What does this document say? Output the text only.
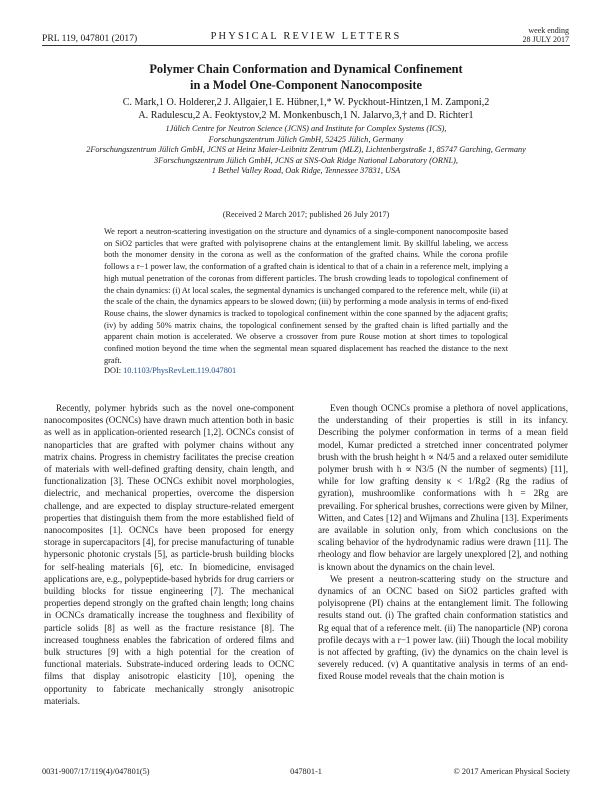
PRL 119, 047801 (2017)	PHYSICAL REVIEW LETTERS
week ending
28 JULY 2017
Polymer Chain Conformation and Dynamical Confinement
in a Model One-Component Nanocomposite
C. Mark,1 O. Holderer,2 J. Allgaier,1 E. Hübner,1,* W. Pyckhout-Hintzen,1 M. Zamponi,2
A. Radulescu,2 A. Feoktystov,2 M. Monkenbusch,1 N. Jalarvo,3,† and D. Richter1
1Jülich Centre for Neutron Science (JCNS) and Institute for Complex Systems (ICS),
Forschungszentrum Jülich GmbH, 52425 Jülich, Germany
2Forschungszentrum Jülich GmbH, JCNS at Heinz Maier-Leibnitz Zentrum (MLZ), Lichtenbergstraße 1, 85747 Garching, Germany
3Forschungszentrum Jülich GmbH, JCNS at SNS-Oak Ridge National Laboratory (ORNL),
1 Bethel Valley Road, Oak Ridge, Tennessee 37831, USA
(Received 2 March 2017; published 26 July 2017)
We report a neutron-scattering investigation on the structure and dynamics of a single-component nanocomposite based on SiO2 particles that were grafted with polyisoprene chains at the entanglement limit. By skillful labeling, we access both the monomer density in the corona as well as the conformation of the grafted chains. While the corona profile follows a r−1 power law, the conformation of a grafted chain is identical to that of a chain in a reference melt, implying a high mutual penetration of the coronas from different particles. The brush crowding leads to topological confinement of the chain dynamics: (i) At local scales, the segmental dynamics is unchanged compared to the reference melt, while (ii) at the scale of the chain, the dynamics appears to be slowed down; (iii) by performing a mode analysis in terms of end-fixed Rouse chains, the slower dynamics is tracked to topological confinement within the cone spanned by the adjacent grafts; (iv) by adding 50% matrix chains, the topological confinement sensed by the grafted chain is lifted partially and the apparent chain motion is accelerated. We observe a crossover from pure Rouse motion at short times to topological confined motion beyond the time when the segmental mean squared displacement has reached the distance to the next graft.
DOI: 10.1103/PhysRevLett.119.047801

Recently, polymer hybrids such as the novel one-component nanocomposites (OCNCs) have drawn much attention both in basic as well as in application-oriented research [1,2]. OCNCs consist of nanoparticles that are grafted with polymer chains without any matrix chains. Progress in chemistry facilitates the precise creation of materials with well-defined grafting density, chain length, and functionalization [3]. These OCNCs exhibit novel morphologies, dielectric, and mechanical properties, overcome the dispersion challenge, and are expected to display structure-related emergent properties that distinguish them from the more established field of nanocomposites [1]. OCNCs have been proposed for energy storage in supercapacitors [4], for precise manufacturing of tunable hypersonic photonic crystals [5], as particle-brush building blocks for self-healing materials [6], etc. In biomedicine, envisaged applications are, e.g., polypeptide-based hybrids for drug carriers or building blocks for tissue engineering [7]. The mechanical properties depend strongly on the grafted chain length; long chains in OCNCs dramatically increase the toughness and flexibility of particle solids [8] as well as the fracture resistance [8]. The increased toughness enables the fabrication of ordered films and bulk structures [9] with a high potential for the creation of functional materials. Substrate-induced ordering leads to OCNC films that display anisotropic elasticity [10], opening the opportunity to fabricate mechanically strongly anisotropic materials.

Even though OCNCs promise a plethora of novel applications, the understanding of their properties is still in its infancy. Describing the polymer conformation in terms of a mean field model, Kumar predicted a stretched inner concentrated polymer brush with the brush height h ∝ N4/5 and a relaxed outer semidilute polymer brush with h ∝ N3/5 (N the number of segments) [11], while for low grafting density κ < 1/Rg2 (Rg the radius of gyration), mushroomlike conformations with h = 2Rg are prevailing. For spherical brushes, corrections were given by Milner, Witten, and Cates [12] and Wijmans and Zhulina [13]. Experiments are available in solution only, from which conclusions on the scaling behavior of the hydrodynamic radius were drawn [11]. The rheology and flow behavior are largely unexplored [2], and nothing is known about the dynamics on the chain level.

We present a neutron-scattering study on the structure and dynamics of an OCNC based on SiO2 particles grafted with polyisoprene (PI) chains at the entanglement limit. The following results stand out. (i) The grafted chain conformation statistics and Rg equal that of a reference melt. (ii) The nanoparticle (NP) corona profile decays with a r−1 power law. (iii) Though the local mobility is not affected by grafting, (iv) the dynamics on the chain level is severely reduced. (v) A quantitative analysis in terms of an end-fixed Rouse model reveals that the chain motion is

0031-9007/17/119(4)/047801(5)	047801-1	© 2017 American Physical Society
